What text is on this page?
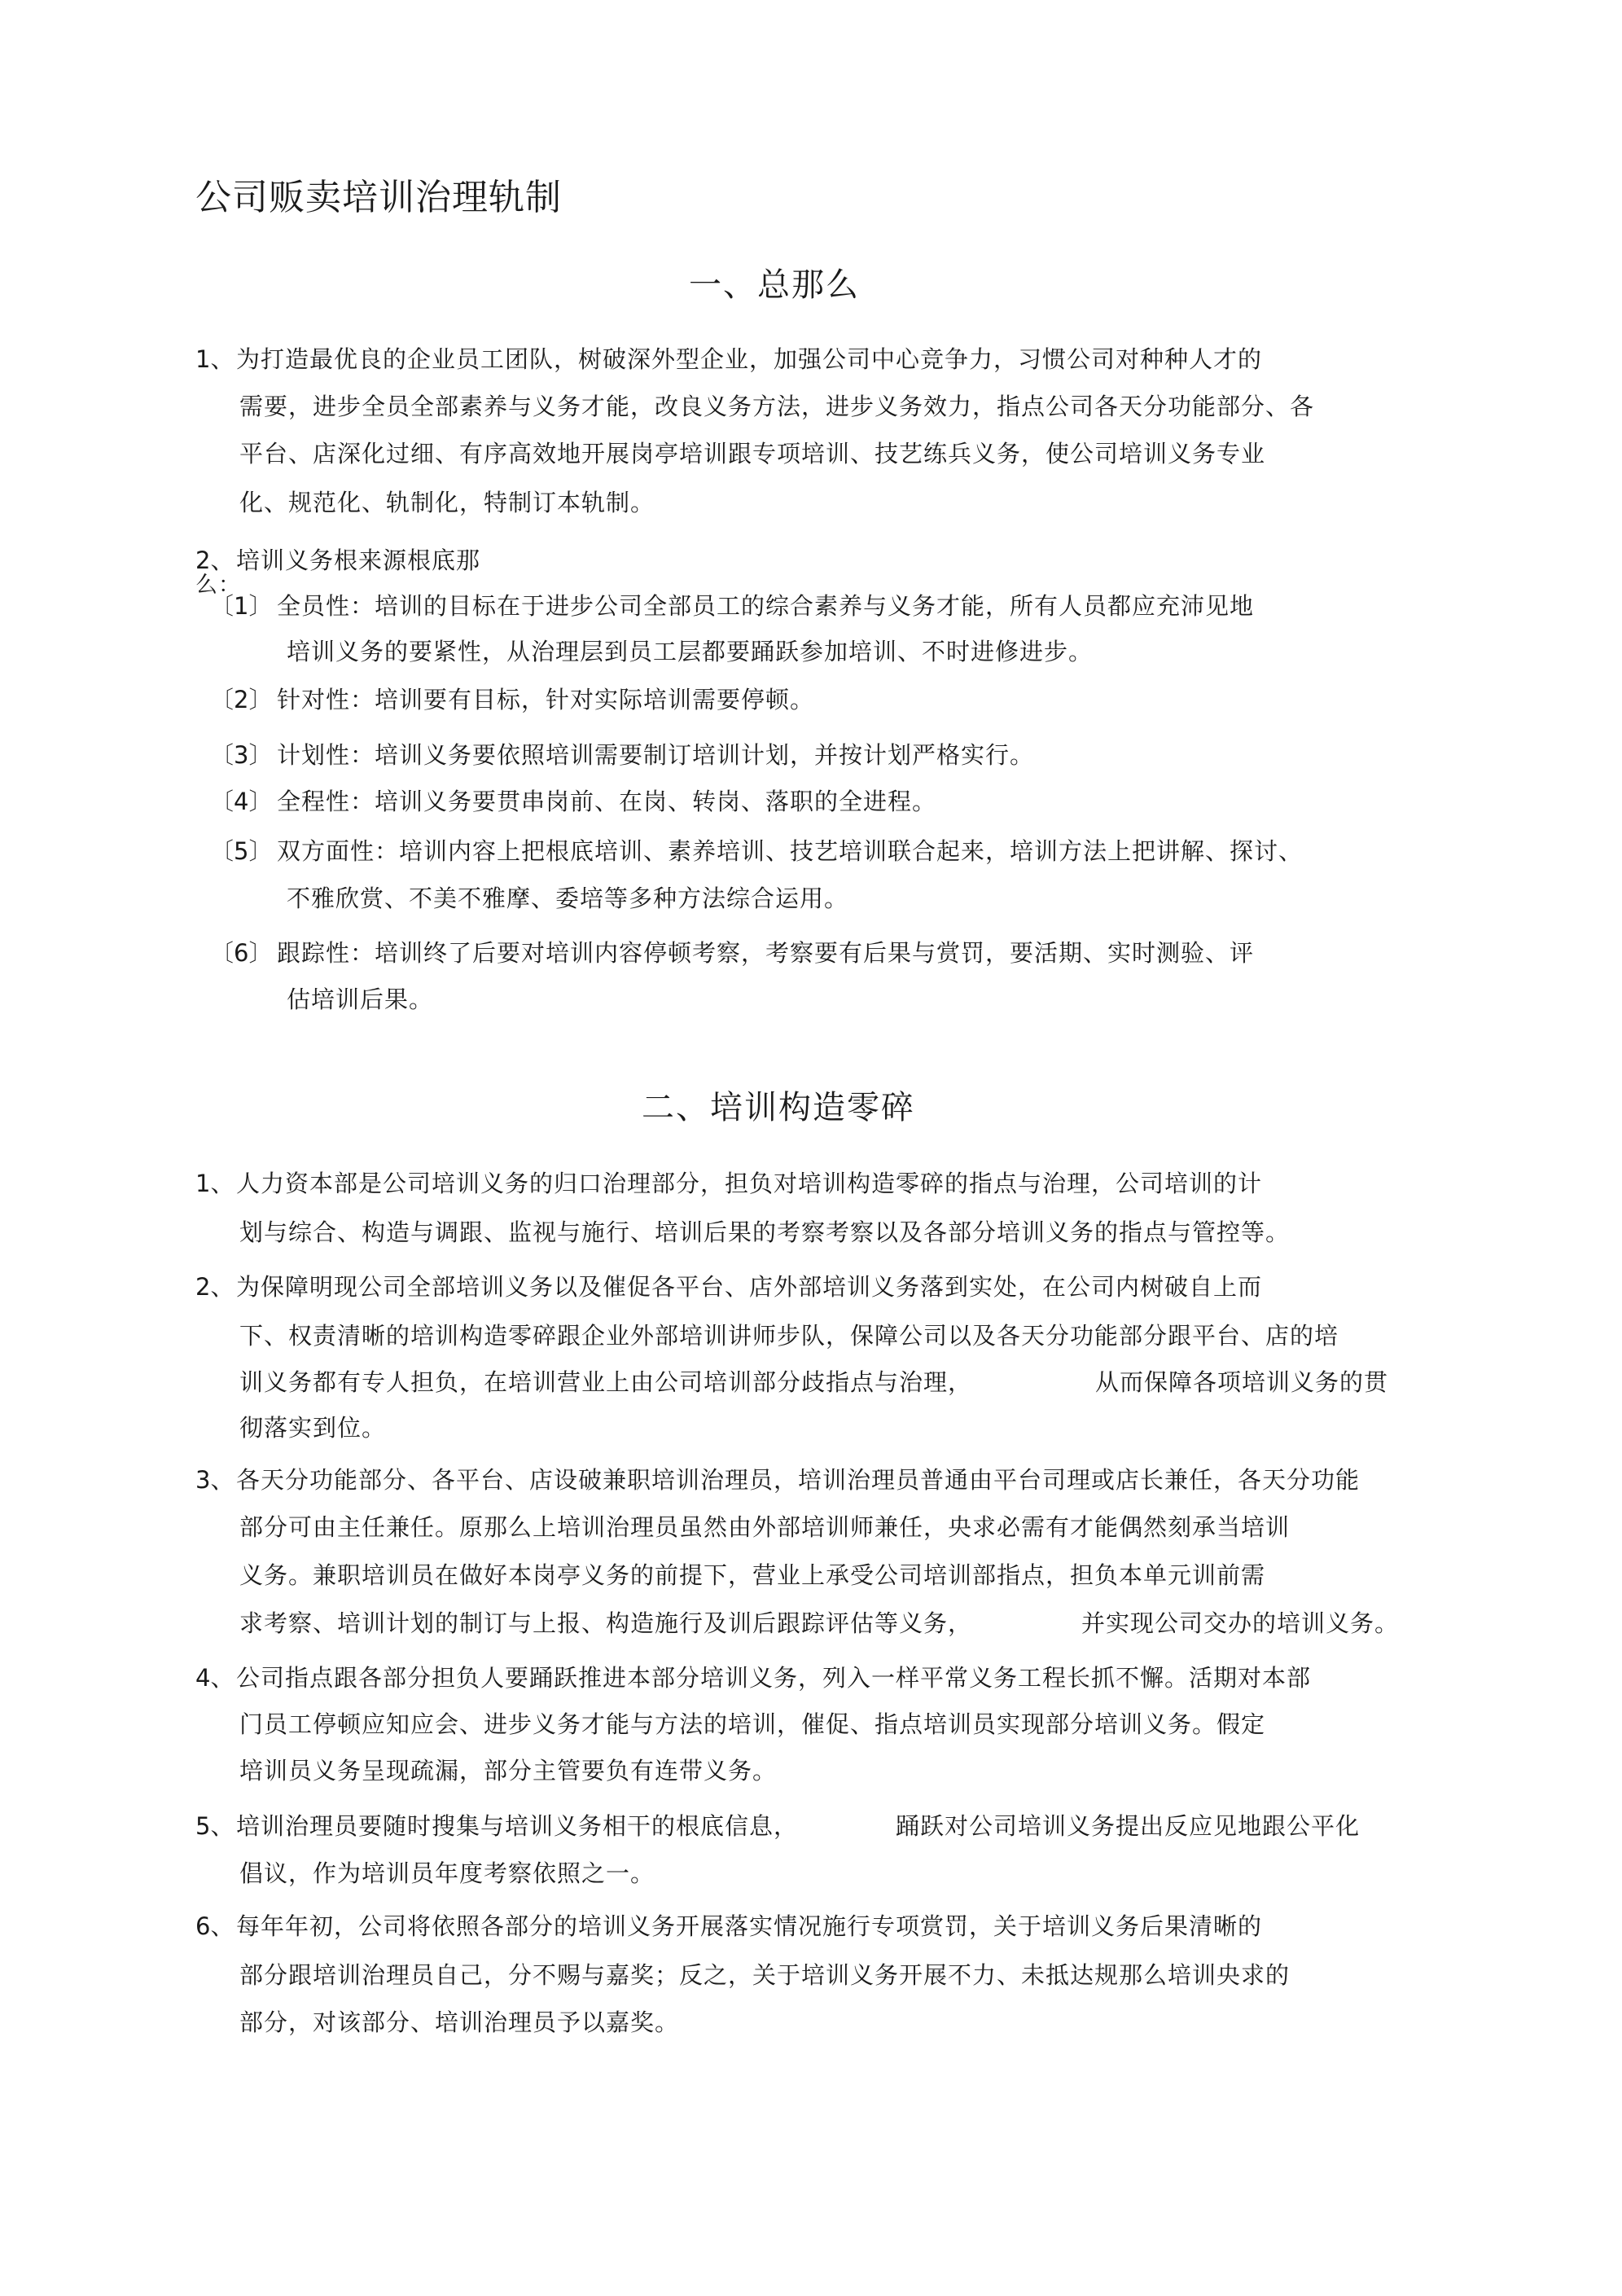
公司贩卖培训治理轨制
一、总那么
1、 为打造最优良的企业员工团队，树破深外型企业，加强公司中心竞争力，习惯公司对种种人才的
需要，进步全员全部素养与义务才能，改良义务方法，进步义务效力，指点公司各天分功能部分、各
平台、店深化过细、有序高效地开展岗亭培训跟专项培训、技艺练兵义务，使公司培训义务专业
化、规范化、轨制化，特制订本轨制。
2、 培训义务根来源根底那
么：
〔1〕 全员性：培训的目标在于进步公司全部员工的综合素养与义务才能，所有人员都应充沛见地
培训义务的要紧性，从治理层到员工层都要踊跃参加培训、不时进修进步。
〔2〕 针对性：培训要有目标，针对实际培训需要停顿。
〔3〕 计划性：培训义务要依照培训需要制订培训计划，并按计划严格实行。
〔4〕 全程性：培训义务要贯串岗前、在岗、转岗、落职的全进程。
〔5〕 双方面性：培训内容上把根底培训、素养培训、技艺培训联合起来，培训方法上把讲解、探讨、
不雅欣赏、不美不雅摩、委培等多种方法综合运用。
〔6〕 跟踪性：培训终了后要对培训内容停顿考察，考察要有后果与赏罚，要活期、实时测验、评
估培训后果。
二、培训构造零碎
1、 人力资本部是公司培训义务的归口治理部分，担负对培训构造零碎的指点与治理，公司培训的计
划与综合、构造与调跟、监视与施行、培训后果的考察考察以及各部分培训义务的指点与管控等。
2、 为保障明现公司全部培训义务以及催促各平台、店外部培训义务落到实处，在公司内树破自上而
下、权责清晰的培训构造零碎跟企业外部培训讲师步队，保障公司以及各天分功能部分跟平台、店的培
训义务都有专人担负，在培训营业上由公司培训部分歧指点与治理，	从而保障各项培训义务的贯
彻落实到位。
3、 各天分功能部分、各平台、店设破兼职培训治理员，培训治理员普通由平台司理或店长兼任，各天分功能
部分可由主任兼任。原那么上培训治理员虽然由外部培训师兼任，央求必需有才能偶然刻承当培训
义务。兼职培训员在做好本岗亭义务的前提下，营业上承受公司培训部指点，担负本单元训前需
求考察、培训计划的制订与上报、构造施行及训后跟踪评估等义务，	并实现公司交办的培训义务。
4、 公司指点跟各部分担负人要踊跃推进本部分培训义务，列入一样平常义务工程长抓不懈。活期对本部
门员工停顿应知应会、进步义务才能与方法的培训，催促、指点培训员实现部分培训义务。假定
培训员义务呈现疏漏，部分主管要负有连带义务。
5、 培训治理员要随时搜集与培训义务相干的根底信息，	踊跃对公司培训义务提出反应见地跟公平化
倡议，作为培训员年度考察依照之一。
6、 每年年初，公司将依照各部分的培训义务开展落实情况施行专项赏罚，关于培训义务后果清晰的
部分跟培训治理员自己，分不赐与嘉奖；反之，关于培训义务开展不力、未抵达规那么培训央求的
部分，对该部分、培训治理员予以嘉奖。
